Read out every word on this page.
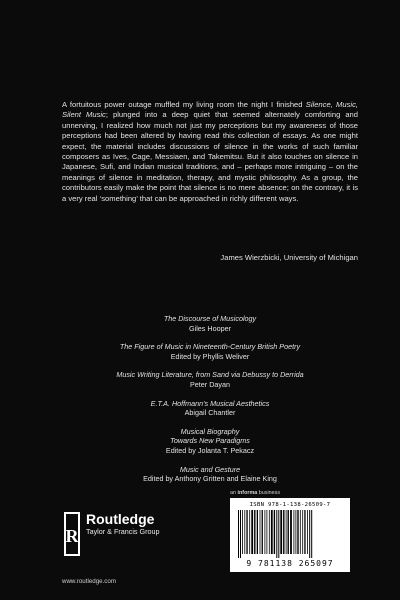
A fortuitous power outage muffled my living room the night I finished Silence, Music, Silent Music; plunged into a deep quiet that seemed alternately comforting and unnerving, I realized how much not just my perceptions but my awareness of those perceptions had been altered by having read this collection of essays. As one might expect, the material includes discussions of silence in the works of such familiar composers as Ives, Cage, Messiaen, and Takemitsu. But it also touches on silence in Japanese, Sufi, and Indian musical traditions, and – perhaps more intriguing – on the meanings of silence in meditation, therapy, and mystic philosophy. As a group, the contributors easily make the point that silence is no mere absence; on the contrary, it is a very real ‘something’ that can be approached in richly different ways.
James Wierzbicki, University of Michigan
The Discourse of Musicology
Giles Hooper
The Figure of Music in Nineteenth-Century British Poetry
Edited by Phyllis Weliver
Music Writing Literature, from Sand via Debussy to Derrida
Peter Dayan
E.T.A. Hoffmann's Musical Aesthetics
Abigail Chantler
Musical Biography
Towards New Paradigms
Edited by Jolanta T. Pekacz
Music and Gesture
Edited by Anthony Gritten and Elaine King
an informa business
ISBN 978-1-138-26509-7
9 781138 265097
R
Routledge
Taylor & Francis Group
www.routledge.com
